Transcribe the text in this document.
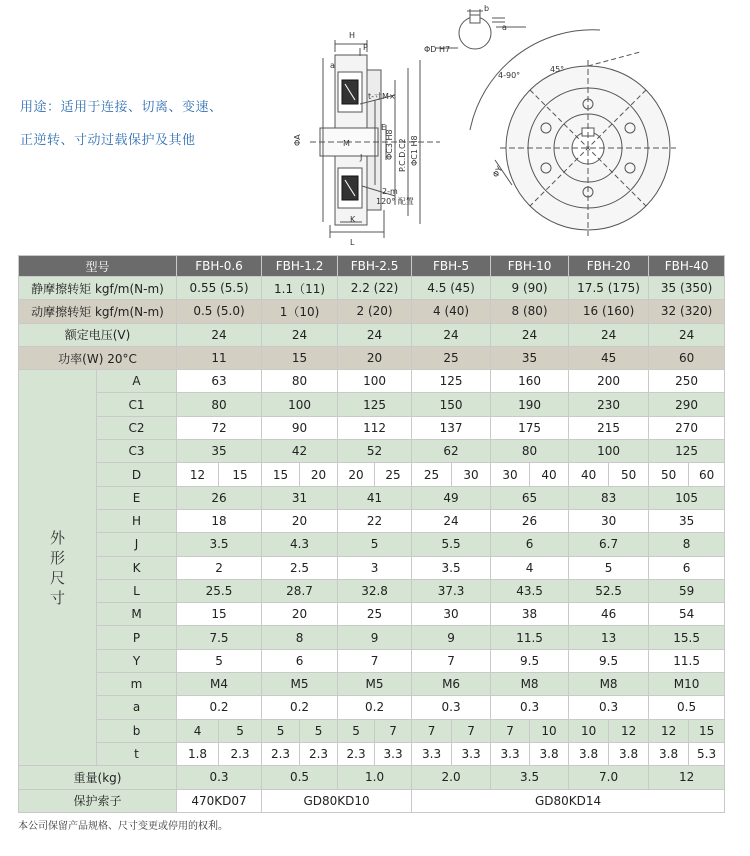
用途：适用于连接、切离、变速、
正逆转、寸动过载保护及其他
H
P
a
t-寸M×
ΦA	M
E
J	ΦC3 H8 P.C.D.C2 ΦC1 H8
2-m
120° 配置
K
L
b
a
ΦD H7
4-90°
45°
ΦY
型号		FBH-0.6		FBH-1.2		FBH-2.5		FBH-5		FBH-10		FBH-20		FBH-40	
静摩擦转矩 kgf/m(N-m)		0.55 (5.5)		1.1（11)		2.2 (22)		4.5 (45)		9 (90)		17.5 (175)		35 (350)	
动摩擦转矩 kgf/m(N-m)		0.5 (5.0)		1（10)		2 (20)		4 (40)		8 (80)		16 (160)		32 (320)	
额定电压(V)		24		24		24		24		24		24		24	
功率(W) 20°C		11		15		20		25		35		45		60	
外形尺寸	A	63		80		100		125		160		200		250	
	C1	80		100		125		150		190		230		290	
	C2	72		90		112		137		175		215		270	
	C3	35		42		52		62		80		100		125	
	D	12	15	15	20	20	25	25	30	30	40	40	50	50	60
	E	26		31		41		49		65		83		105	
	H	18		20		22		24		26		30		35	
	J	3.5		4.3		5		5.5		6		6.7		8	
	K	2		2.5		3		3.5		4		5		6	
	L	25.5		28.7		32.8		37.3		43.5		52.5		59	
	M	15		20		25		30		38		46		54	
	P	7.5		8		9		9		11.5		13		15.5	
	Y	5		6		7		7		9.5		9.5		11.5	
	m	M4		M5		M5		M6		M8		M8		M10	
	a	0.2		0.2		0.2		0.3		0.3		0.3		0.5	
	b	4	5	5	5	5	7	7	7	7	10	10	12	12	15
	t	1.8	2.3	2.3	2.3	2.3	3.3	3.3	3.3	3.3	3.8	3.8	3.8	3.8	5.3
重量(kg)		0.3		0.5		1.0		2.0		3.5		7.0		12	
保护索子		470KD07		GD80KD10				GD80KD14							
本公司保留产品规格、尺寸变更或停用的权利。
